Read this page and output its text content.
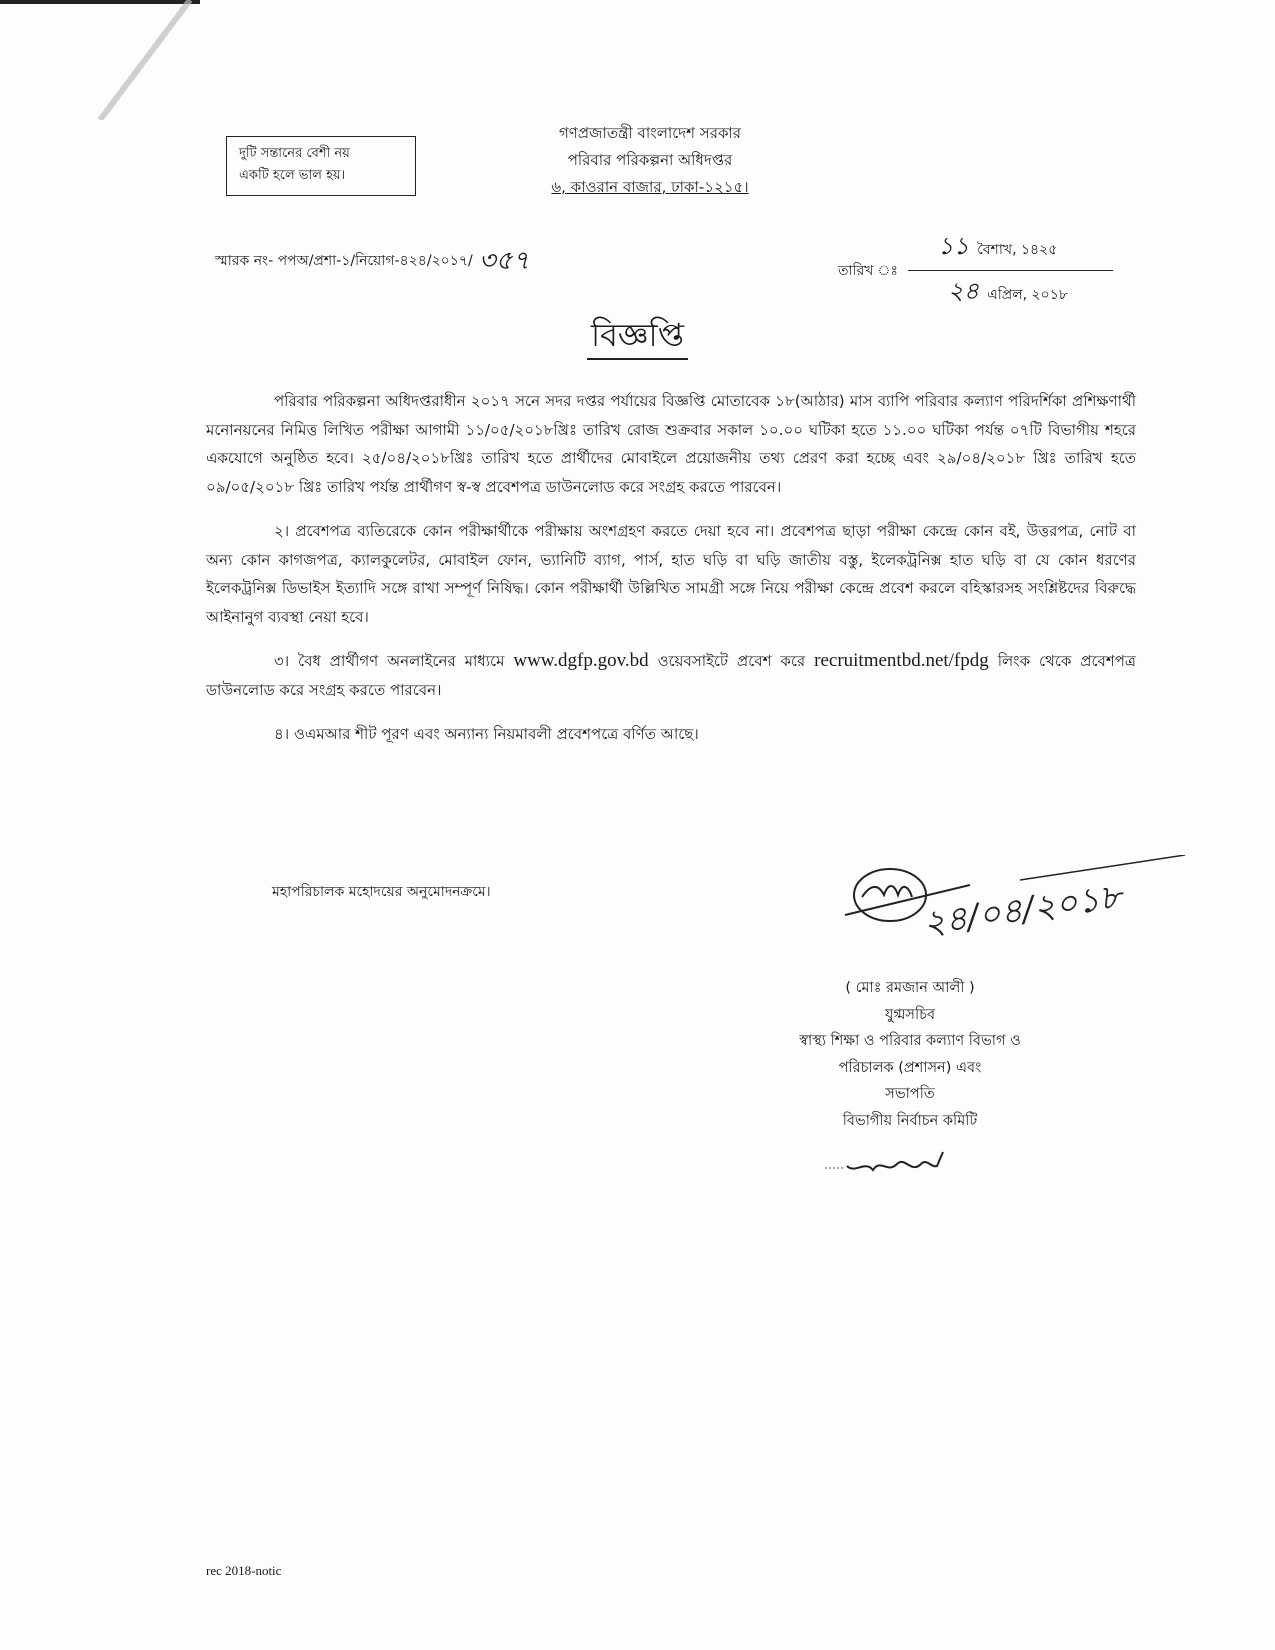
দুটি সন্তানের বেশী নয়
একটি হলে ভাল হয়।
গণপ্রজাতন্ত্রী বাংলাদেশ সরকার
পরিবার পরিকল্পনা অধিদপ্তর
৬, কাওরান বাজার, ঢাকা-১২১৫।
স্মারক নং- পপঅ/প্রশা-১/নিয়োগ-৪২৪/২০১৭/ ৩৫৭	তারিখ ঃ $\frac{\text{১১ বৈশাখ, ১৪২৫}}{\text{২৪ এপ্রিল, ২০১৮}}$
বিজ্ঞপ্তি

পরিবার পরিকল্পনা অধিদপ্তরাধীন ২০১৭ সনে সদর দপ্তর পর্যায়ের বিজ্ঞপ্তি মোতাবেক ১৮(আঠার) মাস ব্যাপি পরিবার কল্যাণ পরিদর্শিকা প্রশিক্ষণার্থী মনোনয়নের নিমিত্ত লিখিত পরীক্ষা আগামী ১১/০৫/২০১৮খ্রিঃ তারিখ রোজ শুক্রবার সকাল ১০.০০ ঘটিকা হতে ১১.০০ ঘটিকা পর্যন্ত ০৭টি বিভাগীয় শহরে একযোগে অনুষ্ঠিত হবে। ২৫/০৪/২০১৮খ্রিঃ তারিখ হতে প্রার্থীদের মোবাইলে প্রয়োজনীয় তথ্য প্রেরণ করা হচ্ছে এবং ২৯/০৪/২০১৮ খ্রিঃ তারিখ হতে ০৯/০৫/২০১৮ খ্রিঃ তারিখ পর্যন্ত প্রার্থীগণ স্ব-স্ব প্রবেশপত্র ডাউনলোড করে সংগ্রহ করতে পারবেন।

২। প্রবেশপত্র ব্যতিরেকে কোন পরীক্ষার্থীকে পরীক্ষায় অংশগ্রহণ করতে দেয়া হবে না। প্রবেশপত্র ছাড়া পরীক্ষা কেন্দ্রে কোন বই, উত্তরপত্র, নোট বা অন্য কোন কাগজপত্র, ক্যালকুলেটর, মোবাইল ফোন, ভ্যানিটি ব্যাগ, পার্স, হাত ঘড়ি বা ঘড়ি জাতীয় বস্তু, ইলেকট্রনিক্স হাত ঘড়ি বা যে কোন ধরণের ইলেকট্রনিক্স ডিভাইস ইত্যাদি সঙ্গে রাখা সম্পূর্ণ নিষিদ্ধ। কোন পরীক্ষার্থী উল্লিখিত সামগ্রী সঙ্গে নিয়ে পরীক্ষা কেন্দ্রে প্রবেশ করলে বহিস্কারসহ সংশ্লিষ্টদের বিরুদ্ধে আইনানুগ ব্যবস্থা নেয়া হবে।

৩। বৈধ প্রার্থীগণ অনলাইনের মাধ্যমে www.dgfp.gov.bd ওয়েবসাইটে প্রবেশ করে recruitmentbd.net/fpdg লিংক থেকে প্রবেশপত্র ডাউনলোড করে সংগ্রহ করতে পারবেন।

৪। ওএমআর শীট পূরণ এবং অন্যান্য নিয়মাবলী প্রবেশপত্রে বর্ণিত আছে।

মহাপরিচালক মহোদয়ের অনুমোদনক্রমে।	২৪/০৪/২০১৮
( মোঃ রমজান আলী )
যুগ্মসচিব
স্বাস্থ্য শিক্ষা ও পরিবার কল্যাণ বিভাগ ও
পরিচালক (প্রশাসন) এবং
সভাপতি
বিভাগীয় নির্বাচন কমিটি
rec 2018-notic
